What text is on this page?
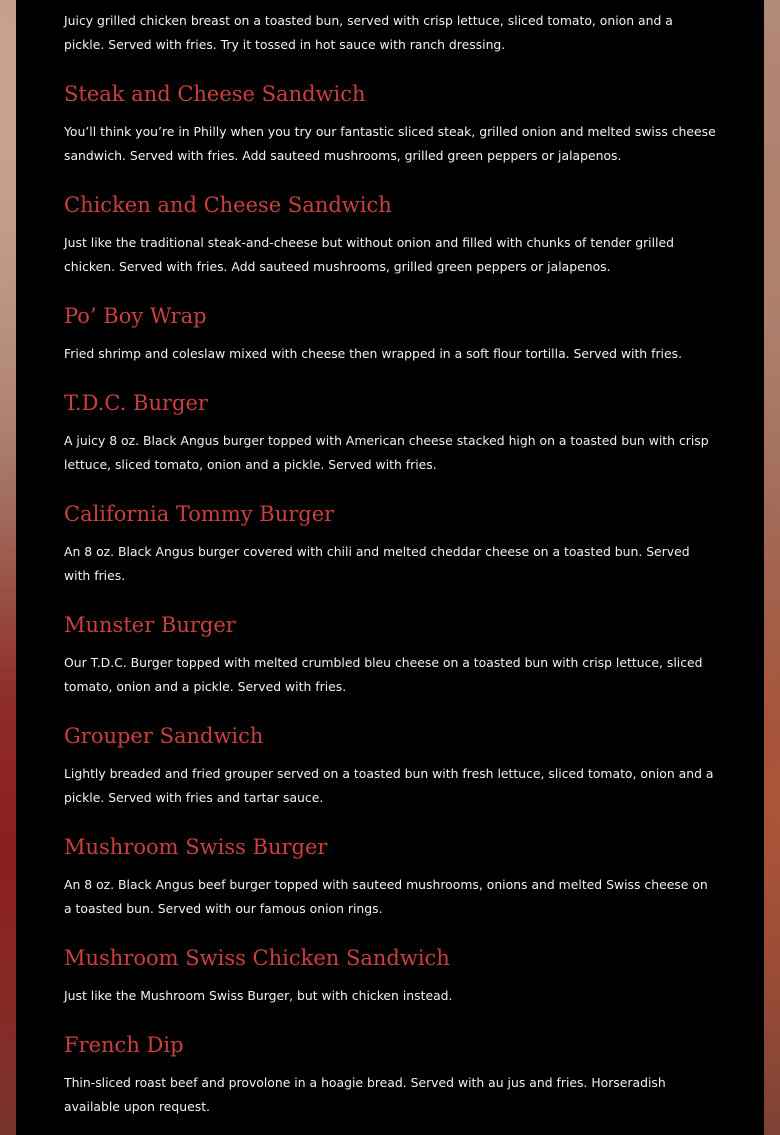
Juicy grilled chicken breast on a toasted bun, served with crisp lettuce, sliced tomato, onion and a pickle. Served with fries. Try it tossed in hot sauce with ranch dressing.

Steak and Cheese Sandwich

You’ll think you’re in Philly when you try our fantastic sliced steak, grilled onion and melted swiss cheese sandwich. Served with fries. Add sauteed mushrooms, grilled green peppers or jalapenos.

Chicken and Cheese Sandwich

Just like the traditional steak-and-cheese but without onion and filled with chunks of tender grilled chicken. Served with fries. Add sauteed mushrooms, grilled green peppers or jalapenos.

Po’ Boy Wrap

Fried shrimp and coleslaw mixed with cheese then wrapped in a soft flour tortilla. Served with fries.

T.D.C. Burger

A juicy 8 oz. Black Angus burger topped with American cheese stacked high on a toasted bun with crisp lettuce, sliced tomato, onion and a pickle. Served with fries.

California Tommy Burger

An 8 oz. Black Angus burger covered with chili and melted cheddar cheese on a toasted bun. Served with fries.

Munster Burger

Our T.D.C. Burger topped with melted crumbled bleu cheese on a toasted bun with crisp lettuce, sliced tomato, onion and a pickle. Served with fries.

Grouper Sandwich

Lightly breaded and fried grouper served on a toasted bun with fresh lettuce, sliced tomato, onion and a pickle. Served with fries and tartar sauce.

Mushroom Swiss Burger

An 8 oz. Black Angus beef burger topped with sauteed mushrooms, onions and melted Swiss cheese on a toasted bun. Served with our famous onion rings.

Mushroom Swiss Chicken Sandwich

Just like the Mushroom Swiss Burger, but with chicken instead.

French Dip

Thin-sliced roast beef and provolone in a hoagie bread. Served with au jus and fries. Horseradish available upon request.
